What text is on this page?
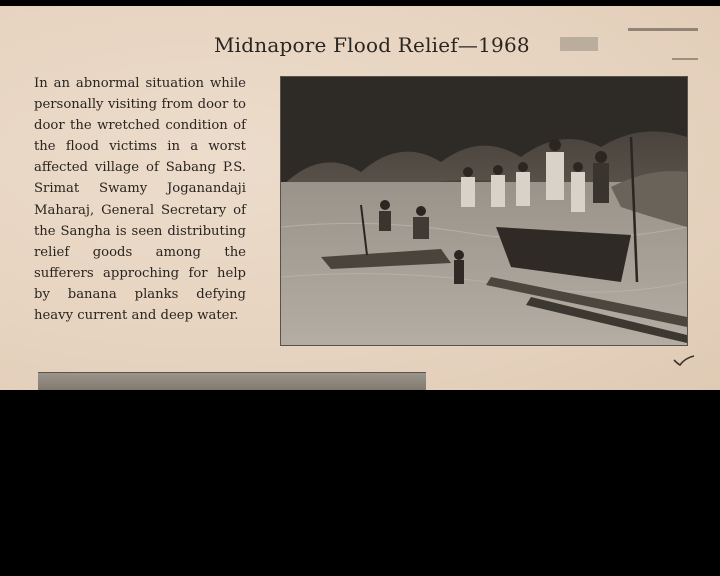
Midnapore Flood Relief—1968
In an abnormal situation while personally visiting from door to door the wretched condition of the flood victims in a worst affected village of Sabang P.S. Srimat Swamy Joganandaji Maharaj, General Secretary of the Sangha is seen distributing relief goods among the sufferers approching for help by banana planks defying heavy current and deep water.
